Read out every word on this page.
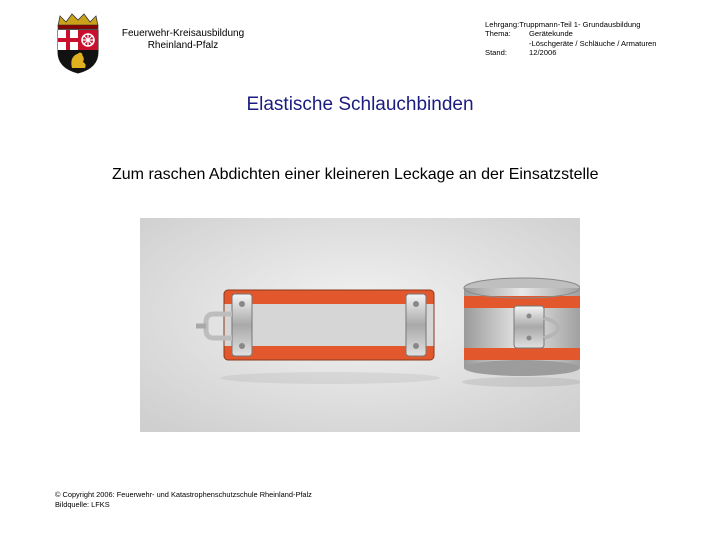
Feuerwehr-Kreisausbildung
Rheinland-Pfalz
Lehrgang: Truppmann-Teil 1- Grundausbildung
Thema:	Gerätekunde
-Löschgeräte / Schläuche / Armaturen
Stand:	12/2006
Elastische Schlauchbinden
Zum raschen Abdichten einer kleineren Leckage an der Einsatzstelle
© Copyright 2006: Feuerwehr- und Katastrophenschutzschule Rheinland-Pfalz
Bildquelle: LFKS
